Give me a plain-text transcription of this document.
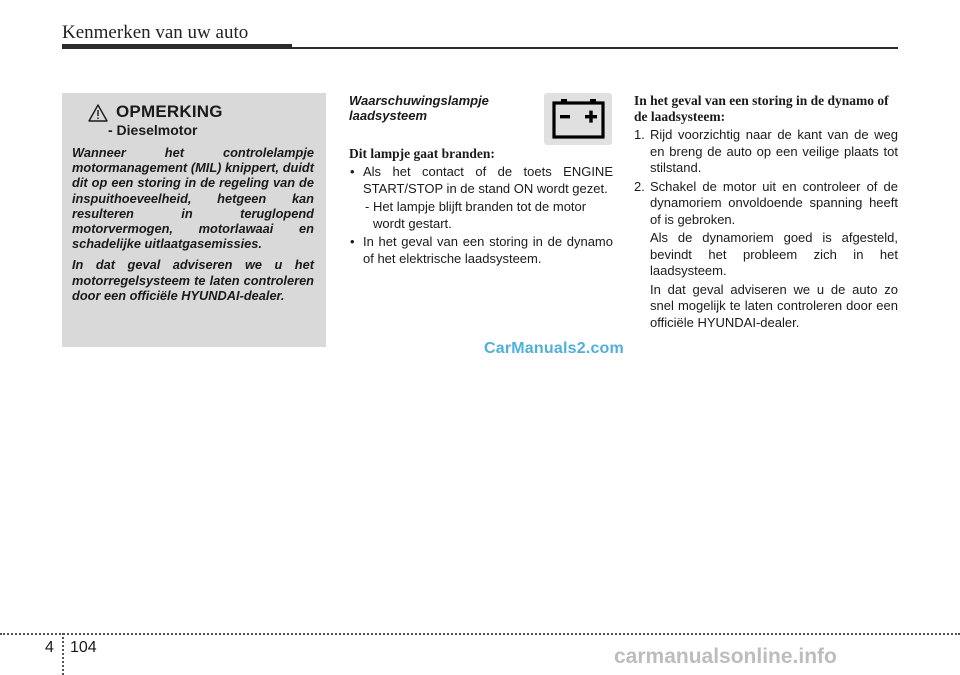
Kenmerken van uw auto
OPMERKING
- Dieselmotor

Wanneer het controlelampje motormanagement (MIL) knippert, duidt dit op een storing in de regeling van de inspuithoeveelheid, hetgeen kan resulteren in teruglopend motorvermogen, motorlawaai en schadelijke uitlaatgasemissies.

In dat geval adviseren we u het motorregelsysteem te laten controleren door een officiële HYUNDAI-dealer.

Waarschuwingslampje laadsysteem

Dit lampje gaat branden:

• Als het contact of de toets ENGINE START/STOP in de stand ON wordt gezet.
- Het lampje blijft branden tot de motor wordt gestart.
• In het geval van een storing in de dynamo of het elektrische laadsysteem.

In het geval van een storing in de dynamo of de laadsysteem:

1. Rijd voorzichtig naar de kant van de weg en breng de auto op een veilige plaats tot stilstand.
2. Schakel de motor uit en controleer of de dynamoriem onvoldoende spanning heeft of is gebroken.
Als de dynamoriem goed is afgesteld, bevindt het probleem zich in het laadsysteem.
In dat geval adviseren we u de auto zo snel mogelijk te laten controleren door een officiële HYUNDAI-dealer.
CarManuals2.com
carmanualsonline.info
4 104
